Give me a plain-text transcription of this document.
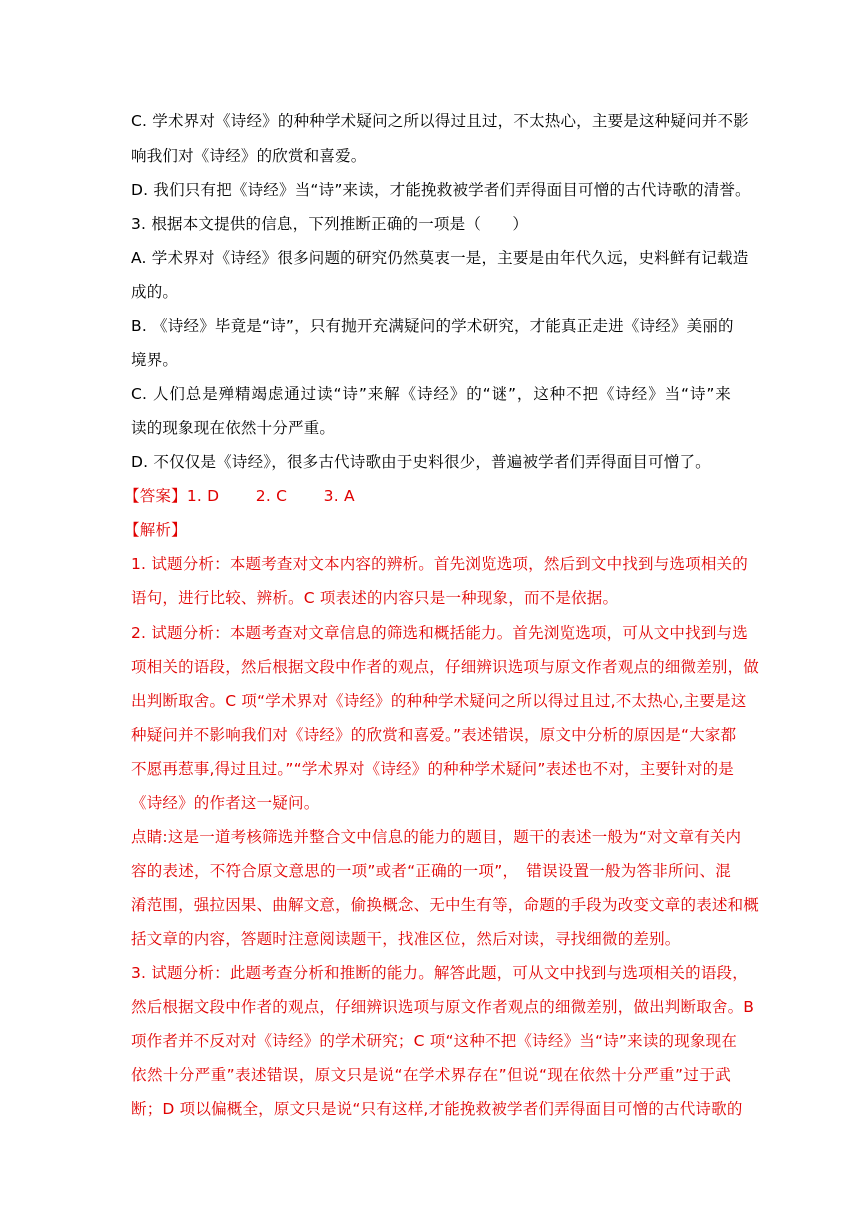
C. 学术界对《诗经》的种种学术疑问之所以得过且过，不太热心，主要是这种疑问并不影
响我们对《诗经》的欣赏和喜爱。
D. 我们只有把《诗经》当“诗”来读，才能挽救被学者们弄得面目可憎的古代诗歌的清誉。
3. 根据本文提供的信息，下列推断正确的一项是（　　）
A. 学术界对《诗经》很多问题的研究仍然莫衷一是，主要是由年代久远，史料鲜有记载造
成的。
B. 《诗经》毕竟是“诗”，只有抛开充满疑问的学术研究，才能真正走进《诗经》美丽的
境界。
C. 人们总是殚精竭虑通过读“诗”来解《诗经》的“谜”，这种不把《诗经》当“诗”来
读的现象现在依然十分严重。
D. 不仅仅是《诗经》，很多古代诗歌由于史料很少，普遍被学者们弄得面目可憎了。
【答案】1. D　　 2. C　　 3. A
【解析】
1. 试题分析：本题考查对文本内容的辨析。首先浏览选项，然后到文中找到与选项相关的
语句，进行比较、辨析。C 项表述的内容只是一种现象，而不是依据。
2. 试题分析：本题考查对文章信息的筛选和概括能力。首先浏览选项，可从文中找到与选
项相关的语段，然后根据文段中作者的观点，仔细辨识选项与原文作者观点的细微差别，做
出判断取舍。C 项“学术界对《诗经》的种种学术疑问之所以得过且过,不太热心,主要是这
种疑问并不影响我们对《诗经》的欣赏和喜爱。”表述错误，原文中分析的原因是“大家都
不愿再惹事,得过且过。”“学术界对《诗经》的种种学术疑问”表述也不对，主要针对的是
《诗经》的作者这一疑问。
点睛:这是一道考核筛选并整合文中信息的能力的题目，题干的表述一般为“对文章有关内
容的表述，不符合原文意思的一项”或者“正确的一项”，　错误设置一般为答非所问、混
淆范围，强拉因果、曲解文意，偷换概念、无中生有等，命题的手段为改变文章的表述和概
括文章的内容，答题时注意阅读题干，找准区位，然后对读，寻找细微的差别。
3. 试题分析：此题考查分析和推断的能力。解答此题，可从文中找到与选项相关的语段，
然后根据文段中作者的观点，仔细辨识选项与原文作者观点的细微差别，做出判断取舍。B
项作者并不反对对《诗经》的学术研究；C 项“这种不把《诗经》当“诗”来读的现象现在
依然十分严重”表述错误，原文只是说“在学术界存在”但说“现在依然十分严重”过于武
断；D 项以偏概全，原文只是说“只有这样,才能挽救被学者们弄得面目可憎的古代诗歌的
